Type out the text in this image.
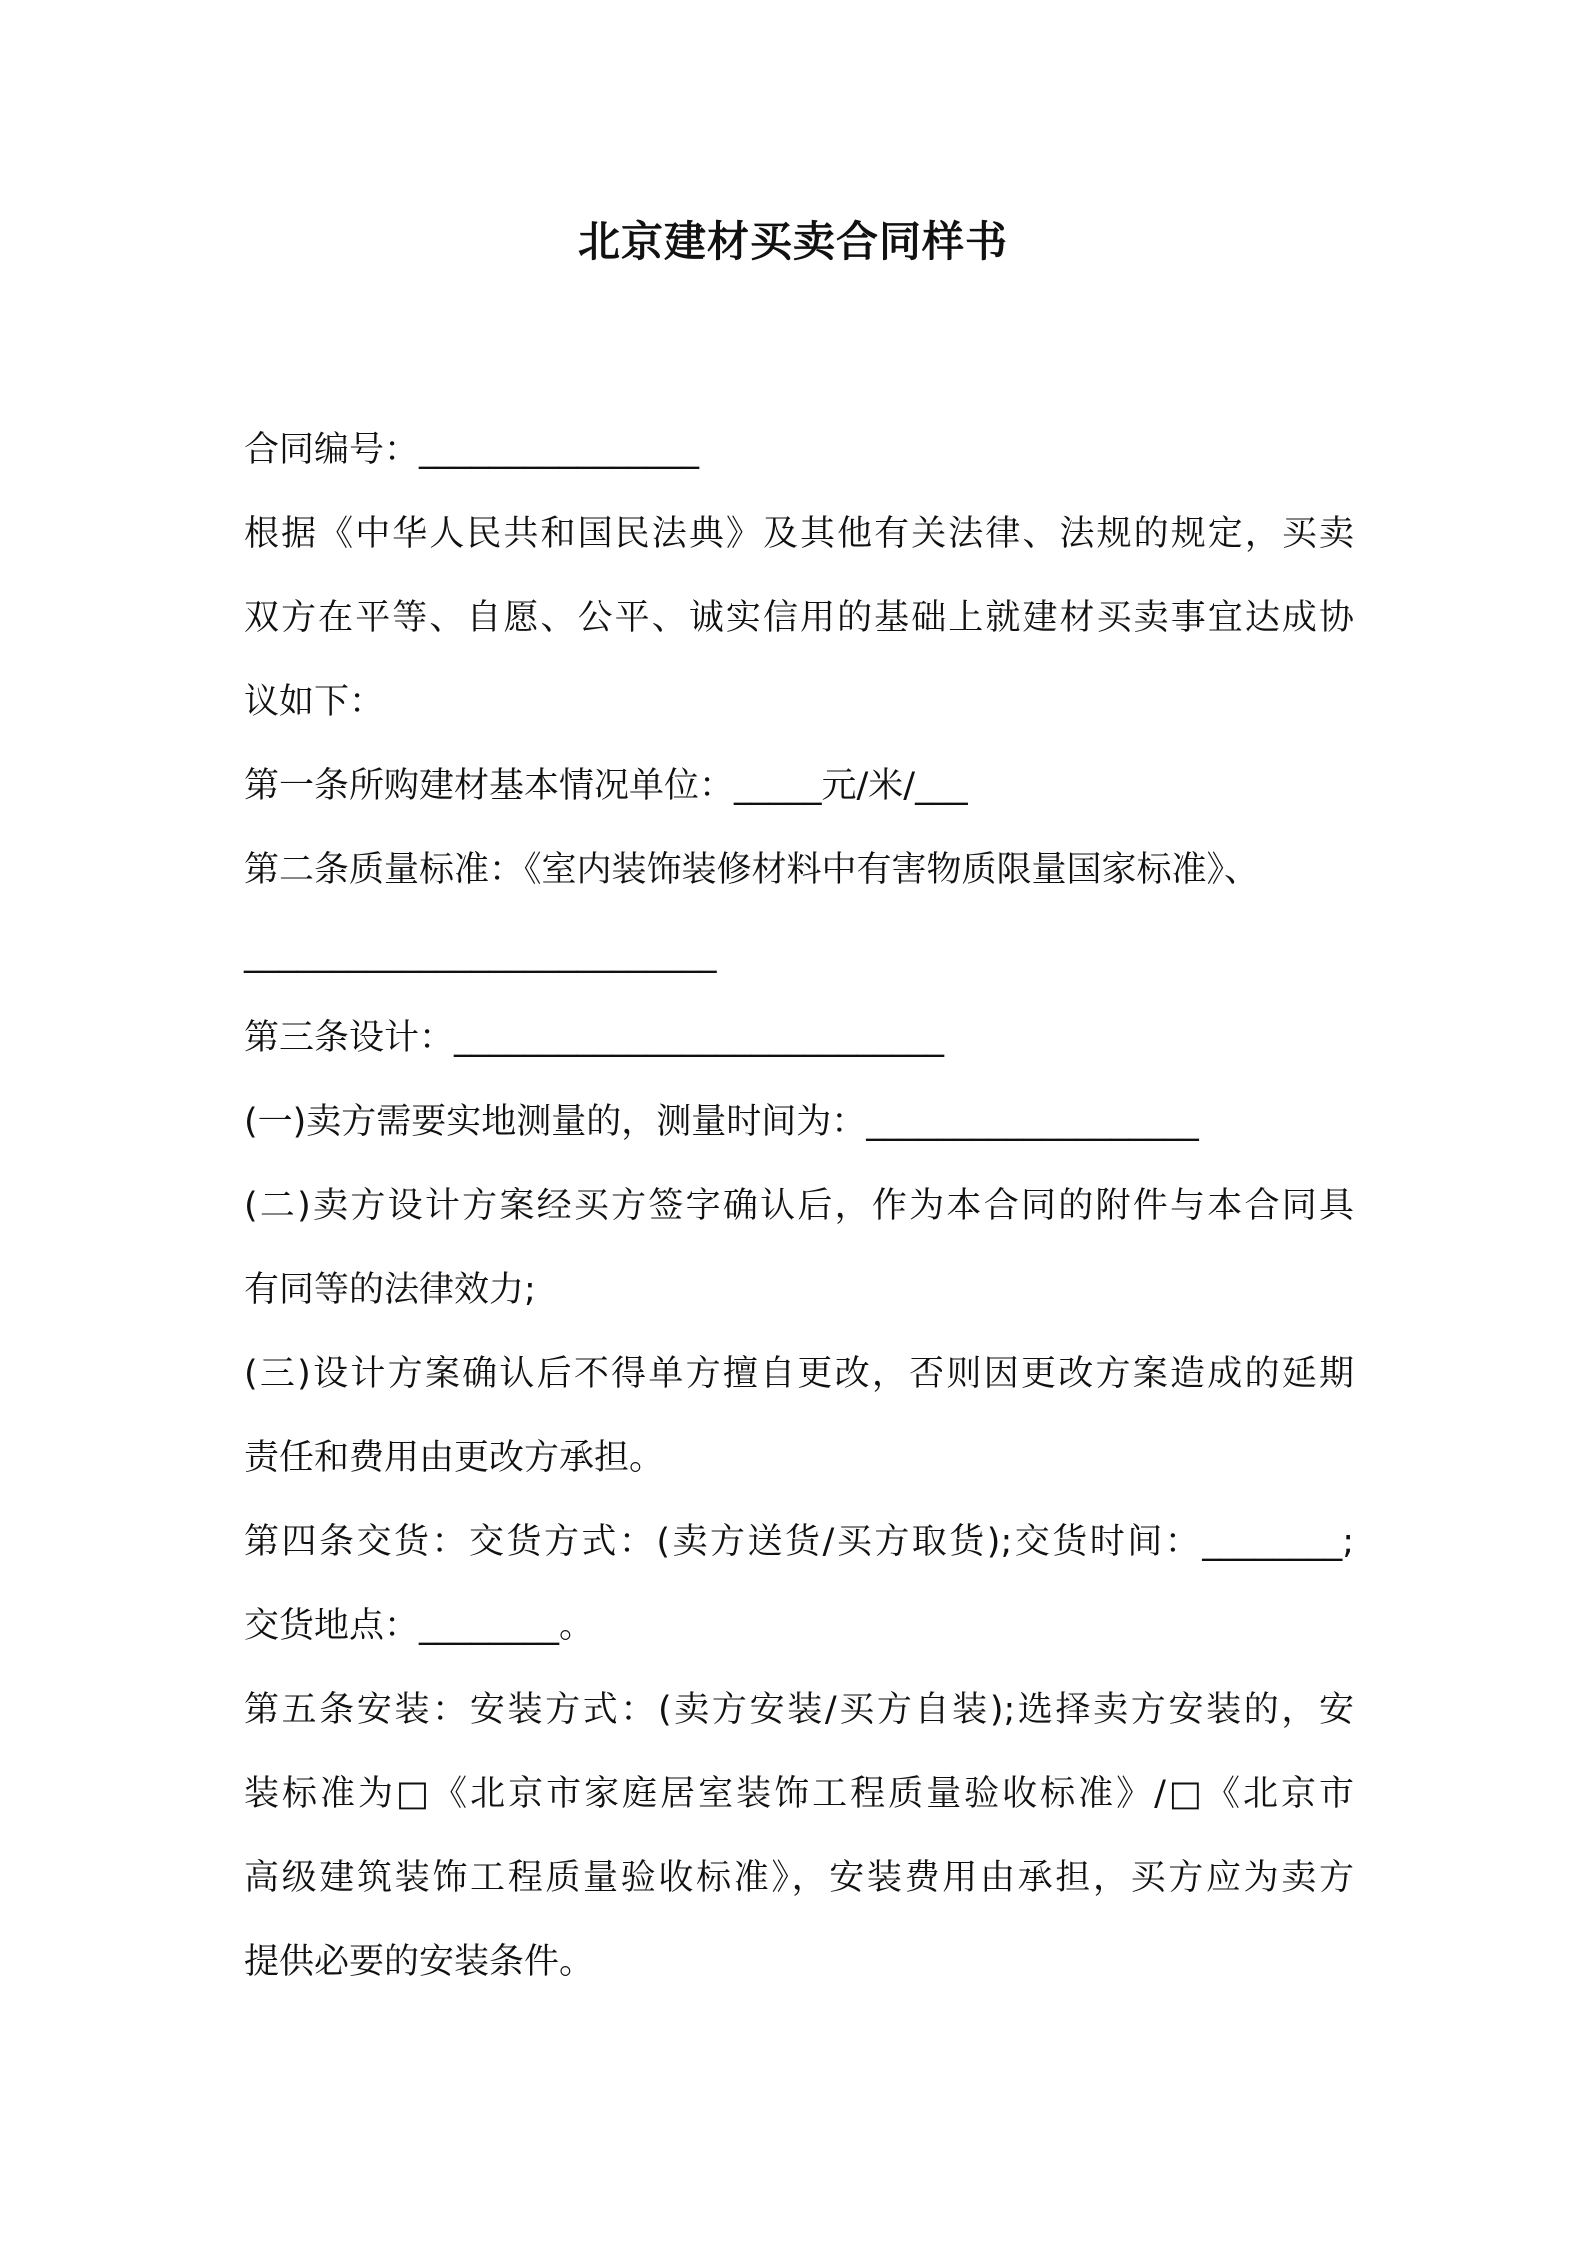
北京建材买卖合同样书
合同编号：________________
根据《中华人民共和国民法典》及其他有关法律、法规的规定，买卖
双方在平等、自愿、公平、诚实信用的基础上就建材买卖事宜达成协
议如下：
第一条所购建材基本情况单位：_____元/米/___
第二条质量标准：《室内装饰装修材料中有害物质限量国家标准》、
___________________________
第三条设计：____________________________
(一)卖方需要实地测量的，测量时间为：___________________
(二)卖方设计方案经买方签字确认后，作为本合同的附件与本合同具
有同等的法律效力;
(三)设计方案确认后不得单方擅自更改，否则因更改方案造成的延期
责任和费用由更改方承担。
第四条交货：交货方式：(卖方送货/买方取货);交货时间：________;
交货地点：________。
第五条安装：安装方式：(卖方安装/买方自装);选择卖方安装的，安
装标准为□《北京市家庭居室装饰工程质量验收标准》/□《北京市
高级建筑装饰工程质量验收标准》，安装费用由承担，买方应为卖方
提供必要的安装条件。
